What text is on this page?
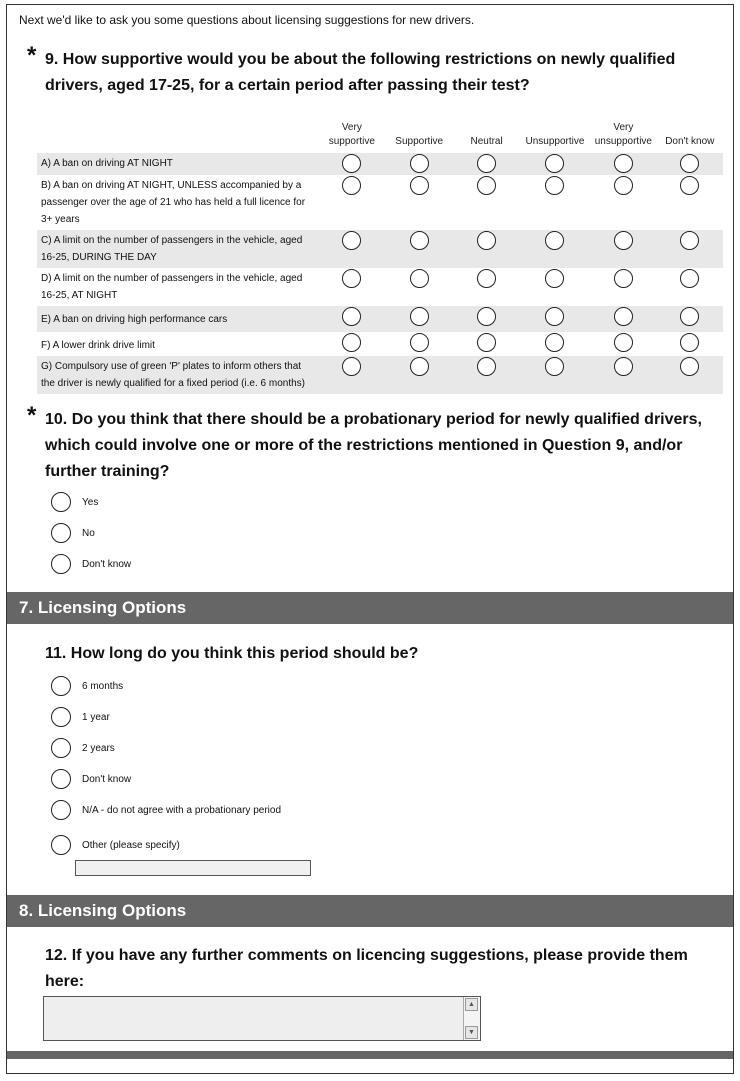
Next we'd like to ask you some questions about licensing suggestions for new drivers.
* 9. How supportive would you be about the following restrictions on newly qualified drivers, aged 17-25, for a certain period after passing their test?
	Very supportive	Supportive	Neutral	Unsupportive	Very unsupportive	Don't know
A) A ban on driving AT NIGHT						
B) A ban on driving AT NIGHT, UNLESS accompanied by a passenger over the age of 21 who has held a full licence for 3+ years						
C) A limit on the number of passengers in the vehicle, aged 16-25, DURING THE DAY						
D) A limit on the number of passengers in the vehicle, aged 16-25, AT NIGHT						
E) A ban on driving high performance cars						
F) A lower drink drive limit						
G) Compulsory use of green 'P' plates to inform others that the driver is newly qualified for a fixed period (i.e. 6 months)						
* 10. Do you think that there should be a probationary period for newly qualified drivers, which could involve one or more of the restrictions mentioned in Question 9, and/or further training?
Yes
No
Don't know
7. Licensing Options
11. How long do you think this period should be?
6 months
1 year
2 years
Don't know
N/A - do not agree with a probationary period
Other (please specify)
8. Licensing Options
12. If you have any further comments on licencing suggestions, please provide them here:
▲
▼
